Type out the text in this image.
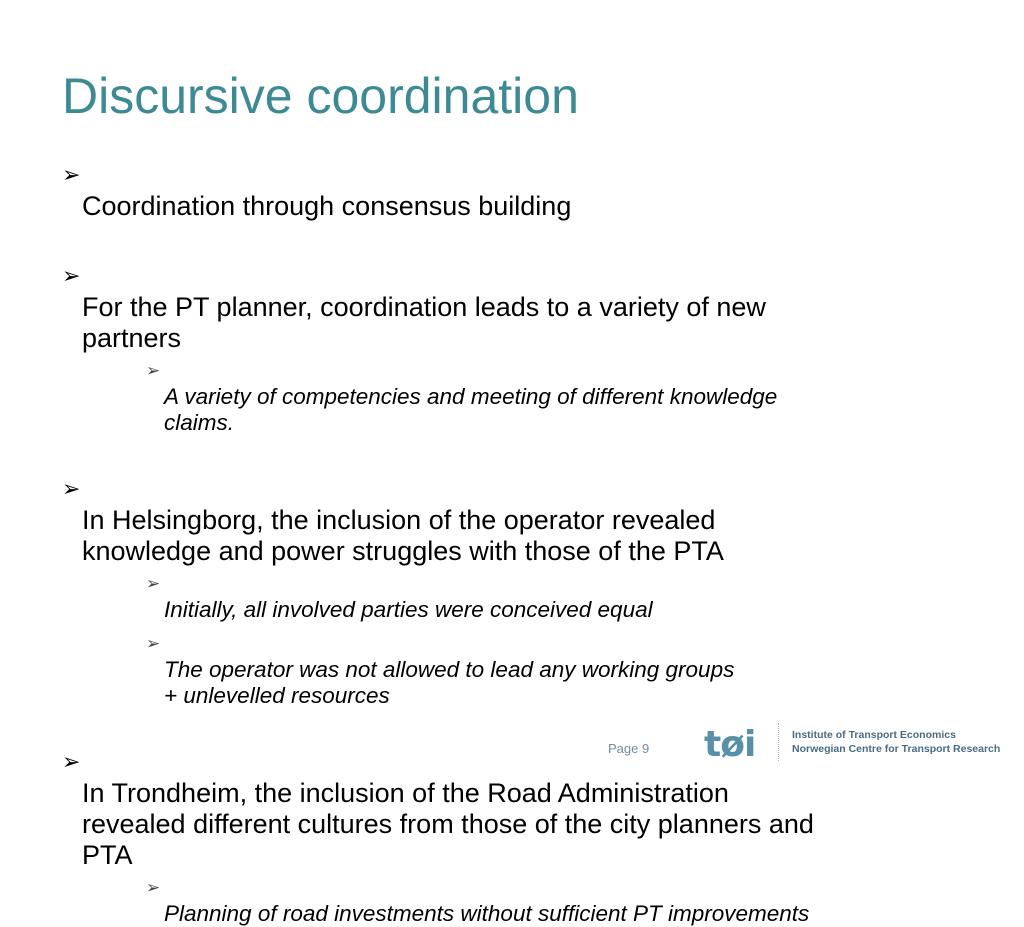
Discursive coordination

➢
Coordination through consensus building

➢
For the PT planner, coordination leads to a variety of new
partners

➢
A variety of competencies and meeting of different knowledge
claims.

➢
In Helsingborg, the inclusion of the operator revealed
knowledge and power struggles with those of the PTA

➢
Initially, all involved parties were conceived equal

➢
The operator was not allowed to lead any working groups
+ unlevelled resources

➢
In Trondheim, the inclusion of the Road Administration
revealed different cultures from those of the city planners and
PTA

➢
Planning of road investments without sufficient PT improvements

Page 9 tøi	Institute of Transport Economics
Norwegian Centre for Transport Research
